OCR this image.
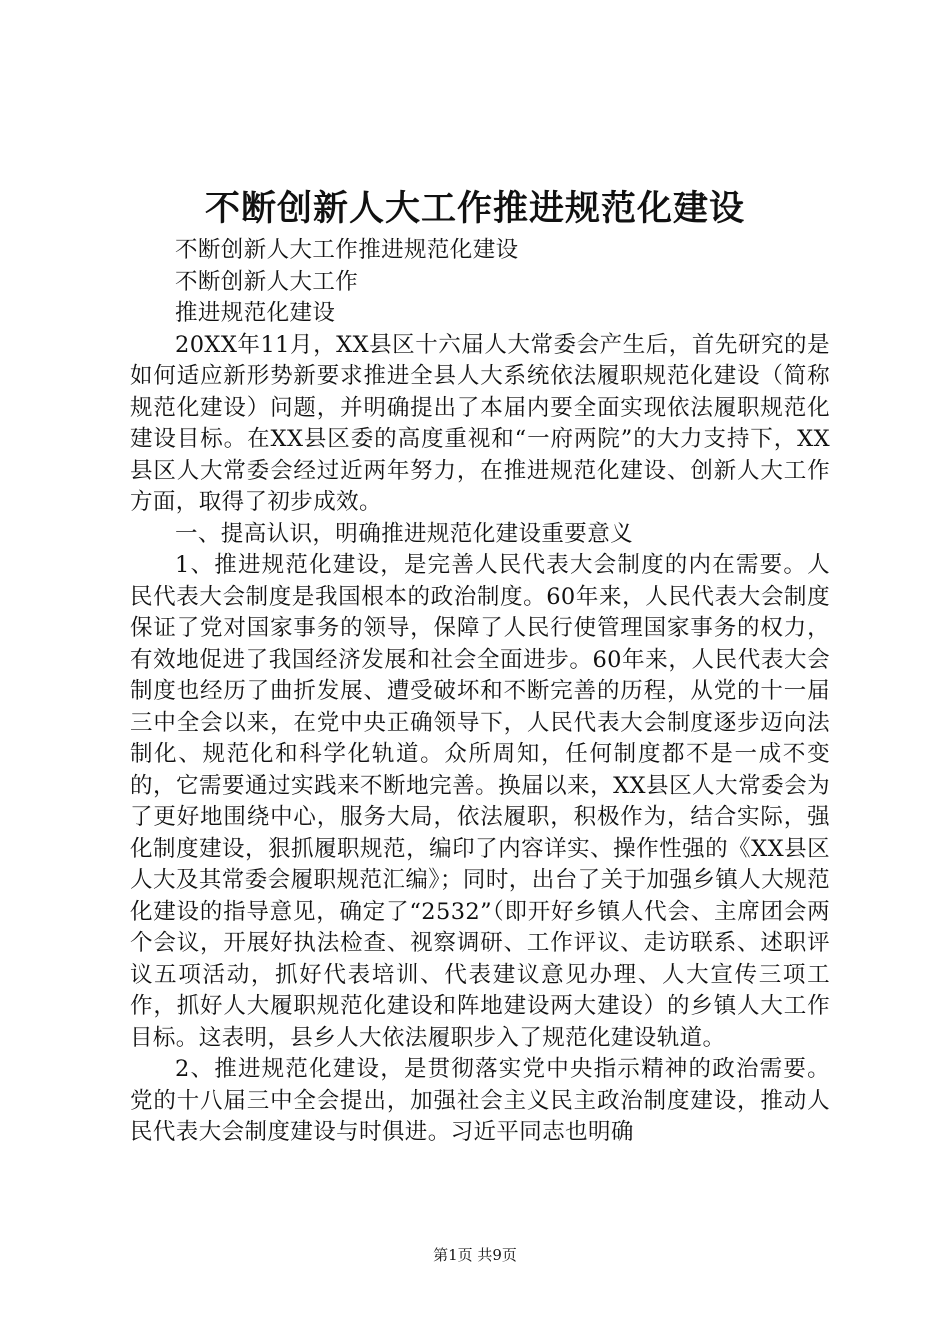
不断创新人大工作推进规范化建设

不断创新人大工作推进规范化建设

不断创新人大工作

推进规范化建设

20XX年11月，XX县区十六届人大常委会产生后，首先研究的是如何适应新形势新要求推进全县人大系统依法履职规范化建设（简称规范化建设）问题，并明确提出了本届内要全面实现依法履职规范化建设目标。在XX县区委的高度重视和“一府两院”的大力支持下，XX县区人大常委会经过近两年努力，在推进规范化建设、创新人大工作方面，取得了初步成效。

一、提高认识，明确推进规范化建设重要意义

1、推进规范化建设，是完善人民代表大会制度的内在需要。人民代表大会制度是我国根本的政治制度。60年来，人民代表大会制度保证了党对国家事务的领导，保障了人民行使管理国家事务的权力，有效地促进了我国经济发展和社会全面进步。60年来，人民代表大会制度也经历了曲折发展、遭受破坏和不断完善的历程，从党的十一届三中全会以来，在党中央正确领导下，人民代表大会制度逐步迈向法制化、规范化和科学化轨道。众所周知，任何制度都不是一成不变的，它需要通过实践来不断地完善。换届以来，XX县区人大常委会为了更好地围绕中心，服务大局，依法履职，积极作为，结合实际，强化制度建设，狠抓履职规范，编印了内容详实、操作性强的《XX县区人大及其常委会履职规范汇编》；同时，出台了关于加强乡镇人大规范化建设的指导意见，确定了“2532”（即开好乡镇人代会、主席团会两个会议，开展好执法检查、视察调研、工作评议、走访联系、述职评议五项活动，抓好代表培训、代表建议意见办理、人大宣传三项工作，抓好人大履职规范化建设和阵地建设两大建设）的乡镇人大工作目标。这表明，县乡人大依法履职步入了规范化建设轨道。

2、推进规范化建设，是贯彻落实党中央指示精神的政治需要。党的十八届三中全会提出，加强社会主义民主政治制度建设，推动人民代表大会制度建设与时俱进。习近平同志也明确

第1页 共9页
